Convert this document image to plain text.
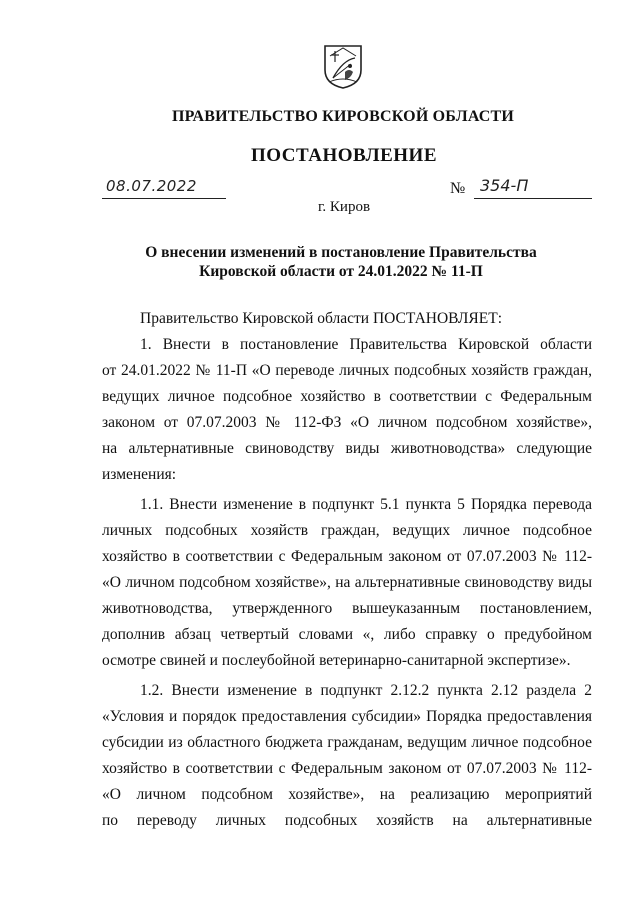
ПРАВИТЕЛЬСТВО КИРОВСКОЙ ОБЛАСТИ
ПОСТАНОВЛЕНИЕ
08.07.2022	№ 354-П
г. Киров
О внесении изменений в постановление Правительства
Кировской области от 24.01.2022 № 11-П
Правительство Кировской области ПОСТАНОВЛЯЕТ:
1. Внести в постановление Правительства Кировской области
от 24.01.2022 № 11-П «О переводе личных подсобных хозяйств граждан,
ведущих личное подсобное хозяйство в соответствии с Федеральным
законом от 07.07.2003 № 112-ФЗ «О личном подсобном хозяйстве»,
на альтернативные свиноводству виды животноводства» следующие
изменения:
1.1. Внести изменение в подпункт 5.1 пункта 5 Порядка перевода
личных подсобных хозяйств граждан, ведущих личное подсобное
хозяйство в соответствии с Федеральным законом от 07.07.2003 № 112-
«О личном подсобном хозяйстве», на альтернативные свиноводству виды
животноводства, утвержденного вышеуказанным постановлением,
дополнив абзац четвертый словами «, либо справку о предубойном
осмотре свиней и послеубойной ветеринарно-санитарной экспертизе».
1.2. Внести изменение в подпункт 2.12.2 пункта 2.12 раздела 2
«Условия и порядок предоставления субсидии» Порядка предоставления
субсидии из областного бюджета гражданам, ведущим личное подсобное
хозяйство в соответствии с Федеральным законом от 07.07.2003 № 112-
«О личном подсобном хозяйстве», на реализацию мероприятий
по переводу личных подсобных хозяйств на альтернативные
